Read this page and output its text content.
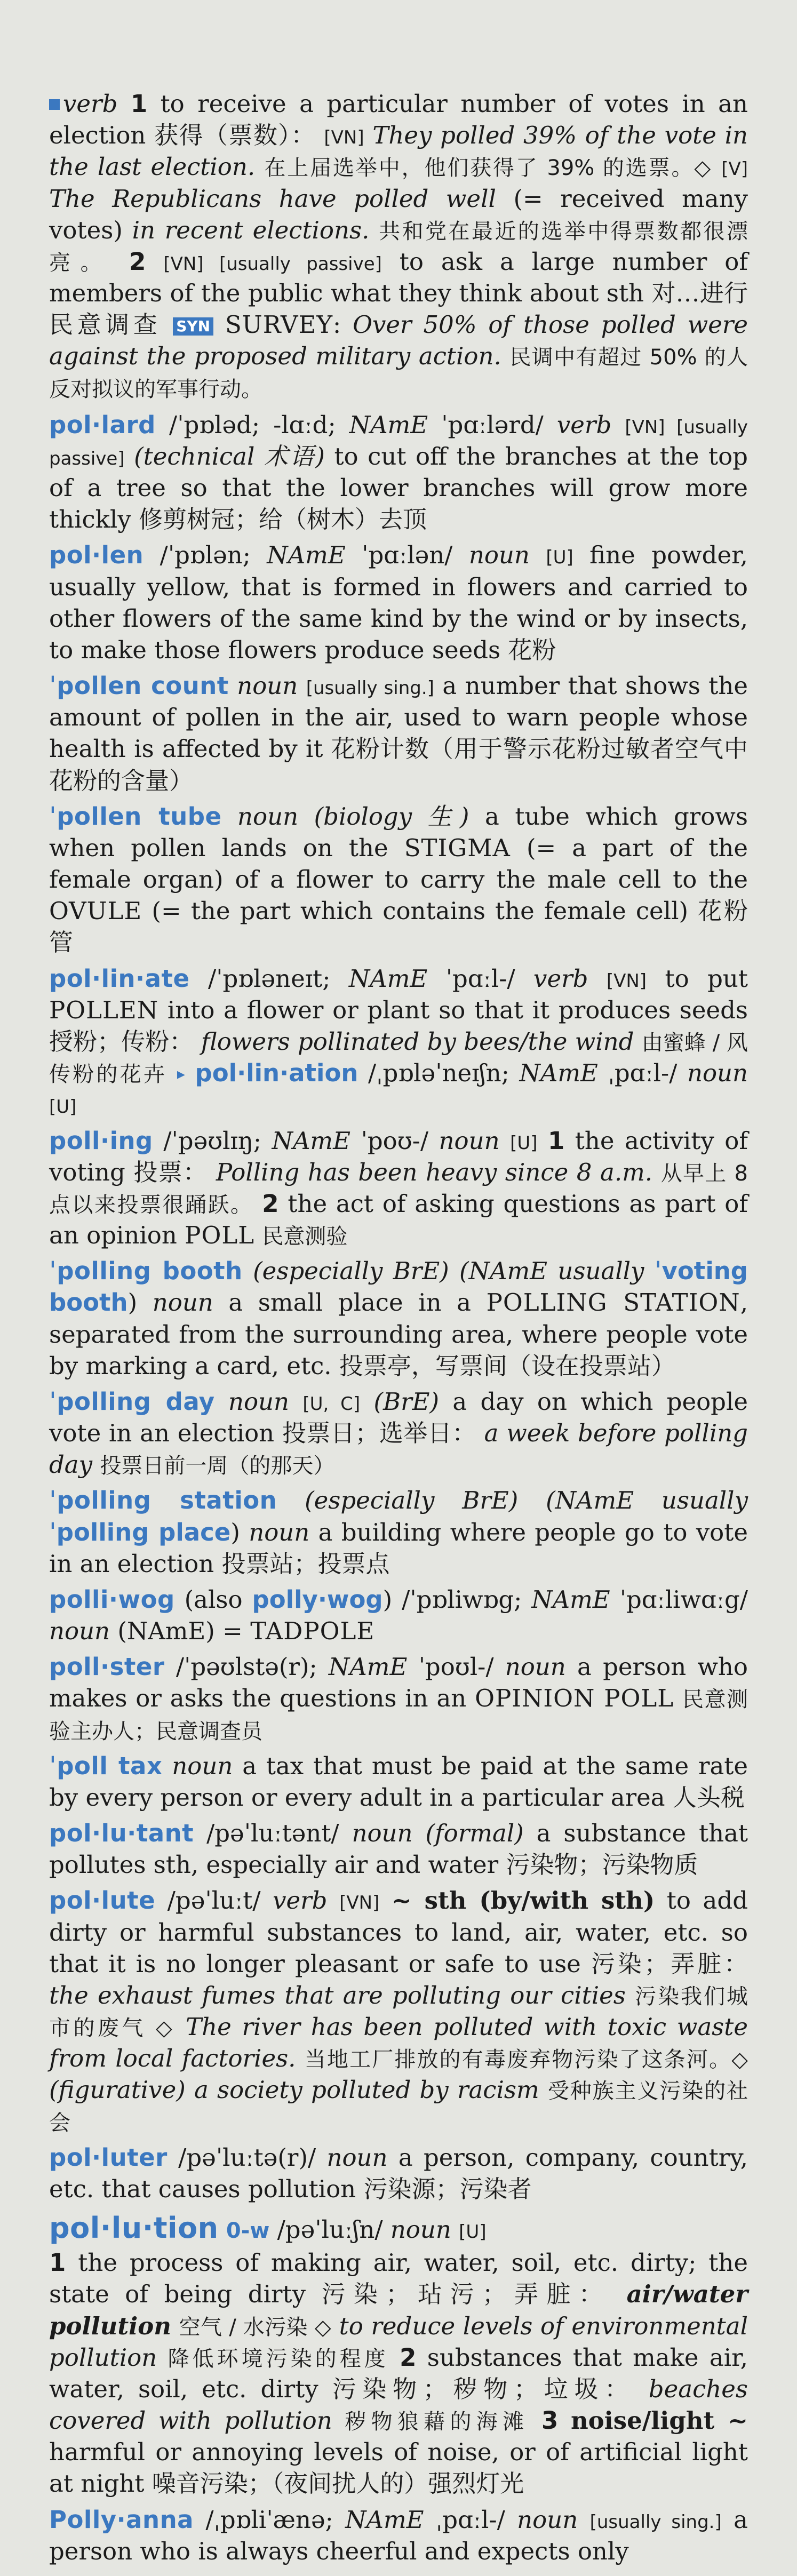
verb 1 to receive a particular number of votes in an election 获得（票数）： [VN] They polled 39% of the vote in the last election. 在上届选举中，他们获得了 39% 的选票。◇ [V] The Republicans have polled well (= received many votes) in recent elections. 共和党在最近的选举中得票数都很漂亮。 2 [VN] [usually passive] to ask a large number of members of the public what they think about sth 对…进行民意调查 SYN SURVEY: Over 50% of those polled were against the proposed military action. 民调中有超过 50% 的人反对拟议的军事行动。

pol·lard /ˈpɒləd; -lɑːd; NAmE ˈpɑːlərd/ verb [VN] [usually passive] (technical 术语) to cut off the branches at the top of a tree so that the lower branches will grow more thickly 修剪树冠；给（树木）去顶

pol·len /ˈpɒlən; NAmE ˈpɑːlən/ noun [U] fine powder, usually yellow, that is formed in flowers and carried to other flowers of the same kind by the wind or by insects, to make those flowers produce seeds 花粉

ˈpollen count noun [usually sing.] a number that shows the amount of pollen in the air, used to warn people whose health is affected by it 花粉计数（用于警示花粉过敏者空气中花粉的含量）

ˈpollen tube noun (biology 生) a tube which grows when pollen lands on the STIGMA (= a part of the female organ) of a flower to carry the male cell to the OVULE (= the part which contains the female cell) 花粉管

pol·lin·ate /ˈpɒləneɪt; NAmE ˈpɑːl-/ verb [VN] to put POLLEN into a flower or plant so that it produces seeds 授粉；传粉： flowers pollinated by bees/the wind 由蜜蜂 / 风传粉的花卉 ▸ pol·lin·ation /ˌpɒləˈneɪʃn; NAmE ˌpɑːl-/ noun [U]

poll·ing /ˈpəʊlɪŋ; NAmE ˈpoʊ-/ noun [U] 1 the activity of voting 投票： Polling has been heavy since 8 a.m. 从早上 8 点以来投票很踊跃。 2 the act of asking questions as part of an opinion POLL 民意测验

ˈpolling booth (especially BrE) (NAmE usually ˈvoting booth) noun a small place in a POLLING STATION, separated from the surrounding area, where people vote by marking a card, etc. 投票亭，写票间（设在投票站）

ˈpolling day noun [U, C] (BrE) a day on which people vote in an election 投票日；选举日： a week before polling day 投票日前一周（的那天）

ˈpolling station (especially BrE) (NAmE usually ˈpolling place) noun a building where people go to vote in an election 投票站；投票点

polli·wog (also polly·wog) /ˈpɒliwɒg; NAmE ˈpɑːliwɑːg/ noun (NAmE) = TADPOLE

poll·ster /ˈpəʊlstə(r); NAmE ˈpoʊl-/ noun a person who makes or asks the questions in an OPINION POLL 民意测验主办人；民意调查员

ˈpoll tax noun a tax that must be paid at the same rate by every person or every adult in a particular area 人头税

pol·lu·tant /pəˈluːtənt/ noun (formal) a substance that pollutes sth, especially air and water 污染物；污染物质

pol·lute /pəˈluːt/ verb [VN] ~ sth (by/with sth) to add dirty or harmful substances to land, air, water, etc. so that it is no longer pleasant or safe to use 污染；弄脏： the exhaust fumes that are polluting our cities 污染我们城市的废气 ◇ The river has been polluted with toxic waste from local factories. 当地工厂排放的有毒废弃物污染了这条河。◇ (figurative) a society polluted by racism 受种族主义污染的社会

pol·luter /pəˈluːtə(r)/ noun a person, company, country, etc. that causes pollution 污染源；污染者

pol·lu·tion 0-w /pəˈluːʃn/ noun [U]
1 the process of making air, water, soil, etc. dirty; the state of being dirty 污染；玷污；弄脏： air/water pollution 空气 / 水污染 ◇ to reduce levels of environmental pollution 降低环境污染的程度 2 substances that make air, water, soil, etc. dirty 污染物；秽物；垃圾： beaches covered with pollution 秽物狼藉的海滩 3 noise/light ~ harmful or annoying levels of noise, or of artificial light at night 噪音污染；（夜间扰人的）强烈灯光

Polly·anna /ˌpɒliˈænə; NAmE ˌpɑːl-/ noun [usually sing.] a person who is always cheerful and expects only
